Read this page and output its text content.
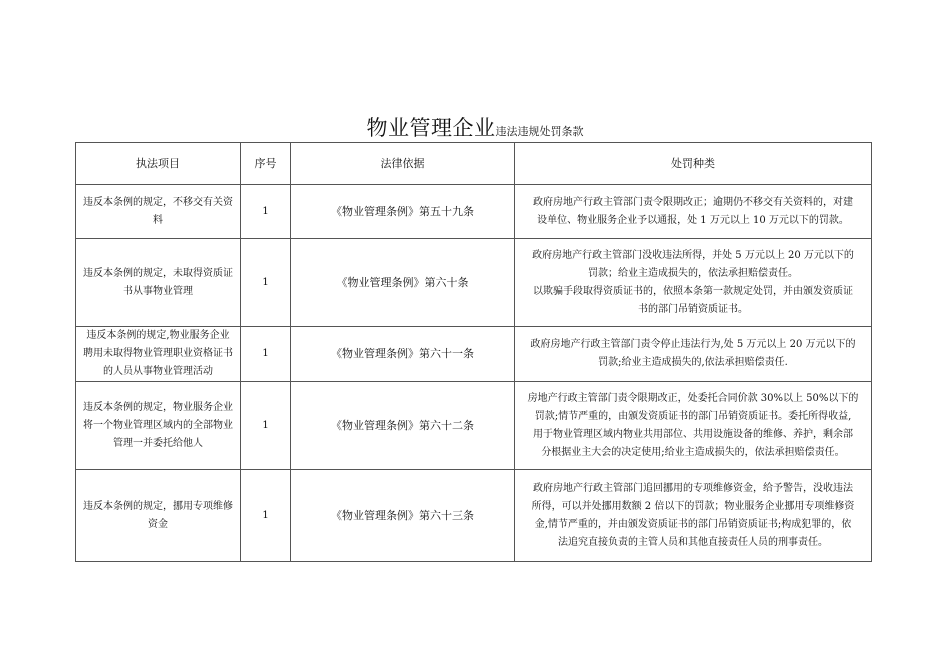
物业管理企业违法违规处罚条款
执法项目	序号	法律依据	处罚种类
违反本条例的规定，不移交有关资料	1	《物业管理条例》第五十九条	政府房地产行政主管部门责令限期改正；逾期仍不移交有关资料的，对建
设单位、物业服务企业予以通报，处 1 万元以上 10 万元以下的罚款。

违反本条例的规定，未取得资质证书从事物业管理	1	《物业管理条例》第六十条	政府房地产行政主管部门没收违法所得，并处 5 万元以上 20 万元以下的
罚款；给业主造成损失的，依法承担赔偿责任。
以欺骗手段取得资质证书的，依照本条第一款规定处罚，并由颁发资质证
书的部门吊销资质证书。

违反本条例的规定,物业服务企业聘用未取得物业管理职业资格证书的人员从事物业管理活动	1	《物业管理条例》第六十一条	政府房地产行政主管部门责令停止违法行为,处 5 万元以上 20 万元以下的
罚款;给业主造成损失的,依法承担赔偿责任.

违反本条例的规定，物业服务企业将一个物业管理区域内的全部物业管理一并委托给他人	1	《物业管理条例》第六十二条	房地产行政主管部门责令限期改正，处委托合同价款 30%以上 50%以下的
罚款;情节严重的，由颁发资质证书的部门吊销资质证书。委托所得收益,
用于物业管理区域内物业共用部位、共用设施设备的维修、养护，剩余部
分根据业主大会的决定使用;给业主造成损失的，依法承担赔偿责任。

违反本条例的规定，挪用专项维修资金	1	《物业管理条例》第六十三条	政府房地产行政主管部门追回挪用的专项维修资金，给予警告，没收违法
所得，可以并处挪用数额 2 倍以下的罚款；物业服务企业挪用专项维修资
金,情节严重的，并由颁发资质证书的部门吊销资质证书;构成犯罪的，依
法追究直接负责的主管人员和其他直接责任人员的刑事责任。
